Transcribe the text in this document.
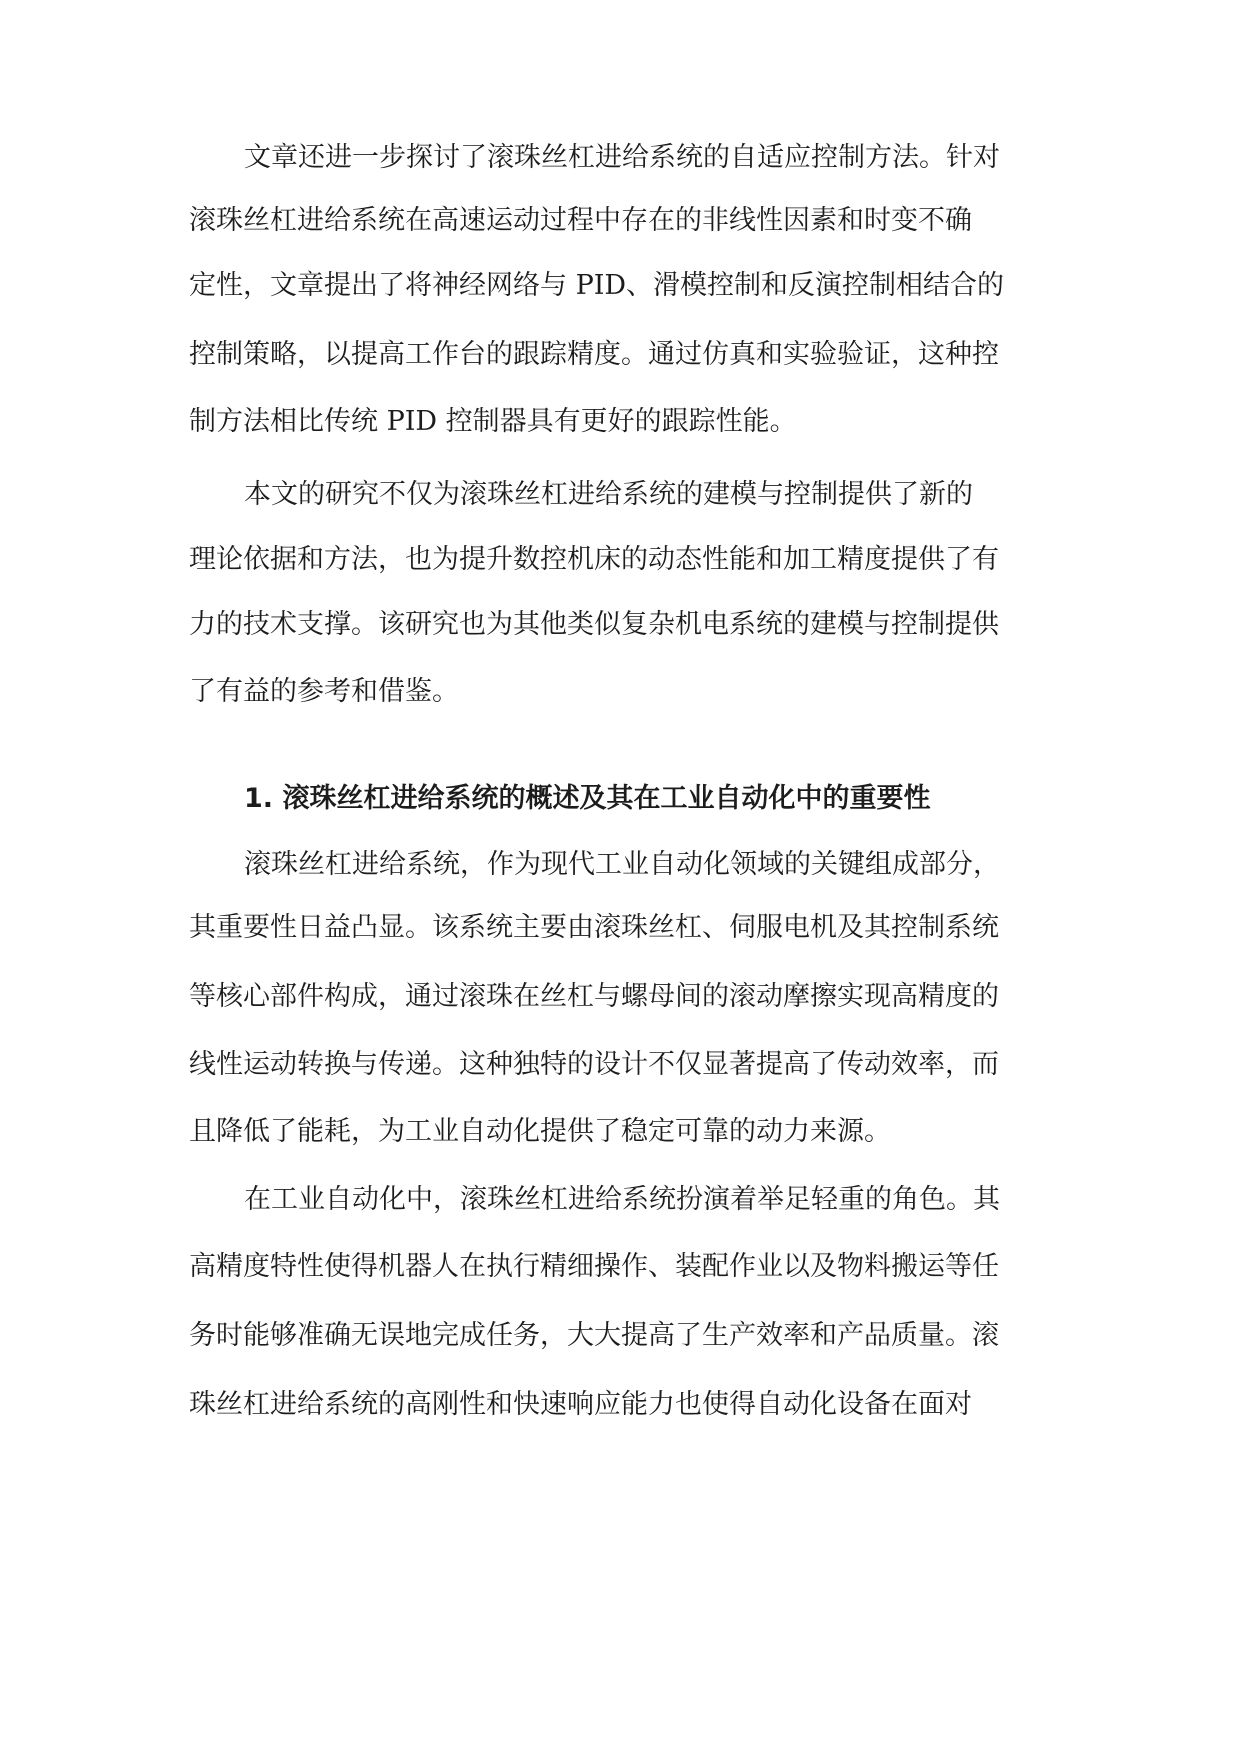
文章还进一步探讨了滚珠丝杠进给系统的自适应控制方法。针对

滚珠丝杠进给系统在高速运动过程中存在的非线性因素和时变不确

定性，文章提出了将神经网络与 PID、滑模控制和反演控制相结合的

控制策略，以提高工作台的跟踪精度。通过仿真和实验验证，这种控

制方法相比传统 PID 控制器具有更好的跟踪性能。

本文的研究不仅为滚珠丝杠进给系统的建模与控制提供了新的

理论依据和方法，也为提升数控机床的动态性能和加工精度提供了有

力的技术支撑。该研究也为其他类似复杂机电系统的建模与控制提供

了有益的参考和借鉴。

1. 滚珠丝杠进给系统的概述及其在工业自动化中的重要性

滚珠丝杠进给系统，作为现代工业自动化领域的关键组成部分，

其重要性日益凸显。该系统主要由滚珠丝杠、伺服电机及其控制系统

等核心部件构成，通过滚珠在丝杠与螺母间的滚动摩擦实现高精度的

线性运动转换与传递。这种独特的设计不仅显著提高了传动效率，而

且降低了能耗，为工业自动化提供了稳定可靠的动力来源。

在工业自动化中，滚珠丝杠进给系统扮演着举足轻重的角色。其

高精度特性使得机器人在执行精细操作、装配作业以及物料搬运等任

务时能够准确无误地完成任务，大大提高了生产效率和产品质量。滚

珠丝杠进给系统的高刚性和快速响应能力也使得自动化设备在面对
